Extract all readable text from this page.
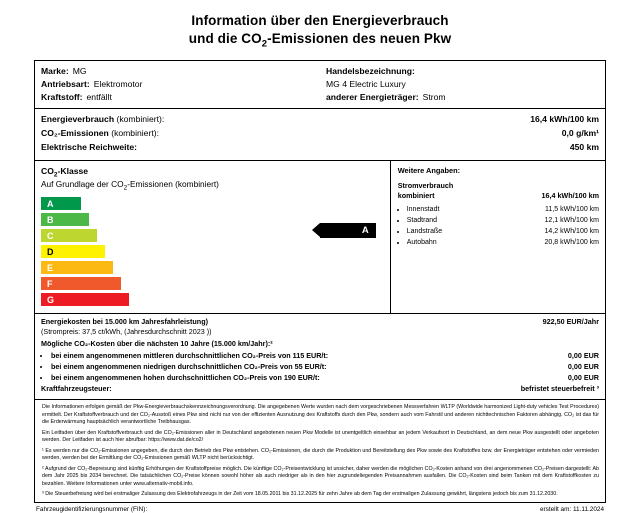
Information über den Energieverbrauch
und die $CO_2$-Emissionen des neuen Pkw
Marke: MG
Antriebsart: Elektromotor
Kraftstoff: entfällt
Handelsbezeichnung:
MG 4 Electric Luxury
anderer Energieträger: Strom
Energieverbrauch (kombiniert):	16,4 kWh/100 km
CO₂-Emissionen (kombiniert):	0,0 g/km¹
Elektrische Reichweite:	450 km
$CO_2$-Klasse
Auf Grundlage der $CO_2$-Emissionen (kombiniert)
A
A
B
C
D
E
F
G
Weitere Angaben:
Stromverbrauch
kombiniert	16,4 kWh/100 km
• Innenstadt	11,5 kWh/100 km
• Stadtrand	12,1 kWh/100 km
• Landstraße	14,2 kWh/100 km
• Autobahn	20,8 kWh/100 km
Energiekosten bei 15.000 km Jahresfahrleistung)	922,50 EUR/Jahr
(Strompreis: 37,5 ct/kWh, (Jahresdurchschnitt 2023 ))
Mögliche CO₂-Kosten über die nächsten 10 Jahre (15.000 km/Jahr):²
• bei einem angenommenen mittleren durchschnittlichen CO₂-Preis von 115 EUR/t:	0,00 EUR
• bei einem angenommenen niedrigen durchschnittlichen CO₂-Preis von 55 EUR/t:	0,00 EUR
• bei einem angenommenen hohen durchschnittlichen CO₂-Preis von 190 EUR/t:	0,00 EUR
Kraftfahrzeugsteuer:	befristet steuerbefreit ³

Die Informationen erfolgen gemäß der Pkw-Energieverbrauchskennzeichnungsverordnung. Die angegebenen Werte wurden nach dem vorgeschriebenen Messverfahren WLTP (Worldwide harmonized Light-duty vehicles Test Procedures) ermittelt. Der Kraftstoffverbrauch und der CO₂-Ausstoß eines Pkw sind nicht nur von der effizienten Ausnutzung des Kraftstoffs durch den Pkw, sondern auch vom Fahrstil und anderen nichttechnischen Faktoren abhängig. CO₂ ist das für die Erderwärmung hauptsächlich verantwortliche Treibhausgas.

Ein Leitfaden über den Kraftstoffverbrauch und die CO₂-Emissionen aller in Deutschland angebotenen neuen Pkw Modelle ist unentgeltlich einsehbar an jedem Verkaufsort in Deutschland, an dem neue Pkw ausgestellt oder angeboten werden. Der Leitfaden ist auch hier abrufbar: https://www.dat.de/co2/

¹ Es werden nur die CO₂-Emissionen angegeben, die durch den Betrieb des Pkw entstehen. CO₂-Emissionen, die durch die Produktion und Bereitstellung des Pkw sowie des Kraftstoffes bzw. der Energieträger entstehen oder vermieden werden, werden bei der Ermittlung der CO₂-Emissionen gemäß WLTP nicht berücksichtigt.

² Aufgrund der CO₂-Bepreisung sind künftig Erhöhungen der Kraftstoffpreise möglich. Die künftige CO₂-Preisentwicklung ist unsicher, daher werden die möglichen CO₂-Kosten anhand von drei angenommenen CO₂-Preisen dargestellt: Ab dem Jahr 2025 bis 2034 berechnet. Die tatsächlichen CO₂-Preise können sowohl höher als auch niedriger als in den hier zugrundeliegenden Preisannahmen ausfallen. Die CO₂-Kosten sind beim Tanken mit dem Kraftstoffkosten zu bezahlen. Weitere Informationen unter www.alternativ-mobil.info.

³ Die Steuerbefreiung wird bei erstmaliger Zulassung des Elektrofahrzeugs in der Zeit vom 18.05.2011 bis 31.12.2025 für zehn Jahre ab dem Tag der erstmaligen Zulassung gewährt, längstens jedoch bis zum 31.12.2030.

Fahrzeugidentifizierungsnummer (FIN):	erstellt am: 11.11.2024
